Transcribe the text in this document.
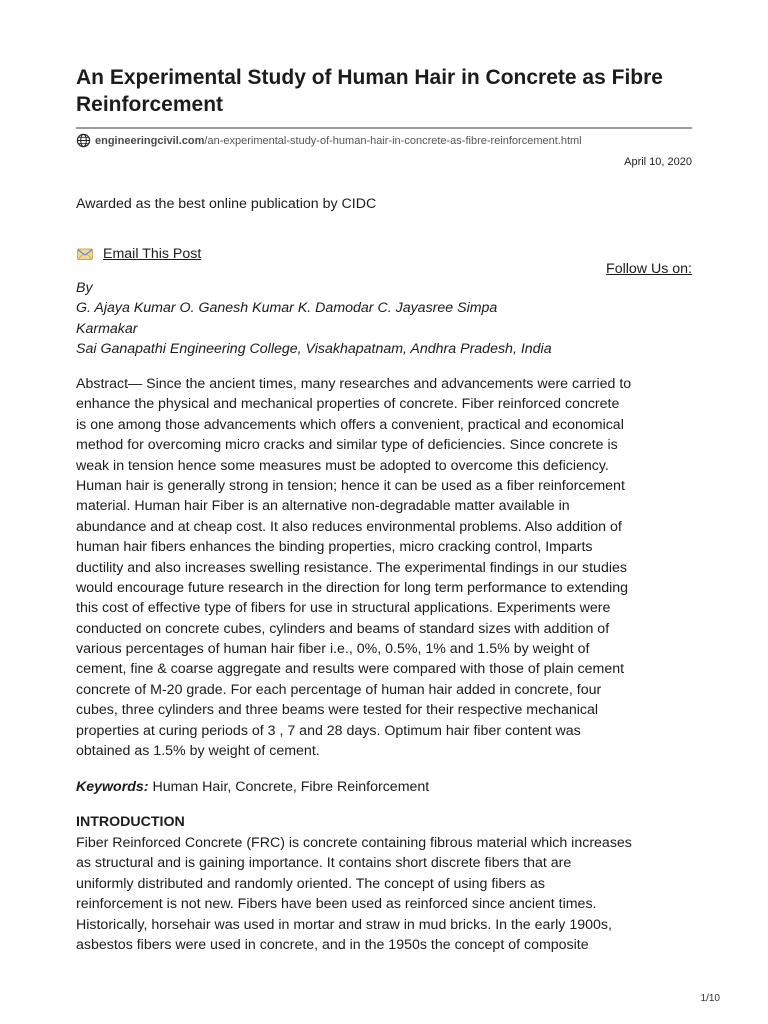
An Experimental Study of Human Hair in Concrete as Fibre Reinforcement
engineeringcivil.com /an-experimental-study-of-human-hair-in-concrete-as-fibre-reinforcement.html
April 10, 2020
Awarded as the best online publication by CIDC
Email This Post
Follow Us on:
By
G. Ajaya Kumar O. Ganesh Kumar K. Damodar C. Jayasree Simpa
Karmakar
Sai Ganapathi Engineering College, Visakhapatnam, Andhra Pradesh, India
Abstract— Since the ancient times, many researches and advancements were carried to
enhance the physical and mechanical properties of concrete. Fiber reinforced concrete
is one among those advancements which offers a convenient, practical and economical
method for overcoming micro cracks and similar type of deficiencies. Since concrete is
weak in tension hence some measures must be adopted to overcome this deficiency.
Human hair is generally strong in tension; hence it can be used as a fiber reinforcement
material. Human hair Fiber is an alternative non-degradable matter available in
abundance and at cheap cost. It also reduces environmental problems. Also addition of
human hair fibers enhances the binding properties, micro cracking control, Imparts
ductility and also increases swelling resistance. The experimental findings in our studies
would encourage future research in the direction for long term performance to extending
this cost of effective type of fibers for use in structural applications. Experiments were
conducted on concrete cubes, cylinders and beams of standard sizes with addition of
various percentages of human hair fiber i.e., 0%, 0.5%, 1% and 1.5% by weight of
cement, fine & coarse aggregate and results were compared with those of plain cement
concrete of M-20 grade. For each percentage of human hair added in concrete, four
cubes, three cylinders and three beams were tested for their respective mechanical
properties at curing periods of 3 , 7 and 28 days. Optimum hair fiber content was
obtained as 1.5% by weight of cement.
Keywords: Human Hair, Concrete, Fibre Reinforcement
INTRODUCTION
Fiber Reinforced Concrete (FRC) is concrete containing fibrous material which increases
as structural and is gaining importance. It contains short discrete fibers that are
uniformly distributed and randomly oriented. The concept of using fibers as
reinforcement is not new. Fibers have been used as reinforced since ancient times.
Historically, horsehair was used in mortar and straw in mud bricks. In the early 1900s,
asbestos fibers were used in concrete, and in the 1950s the concept of composite
1/10
